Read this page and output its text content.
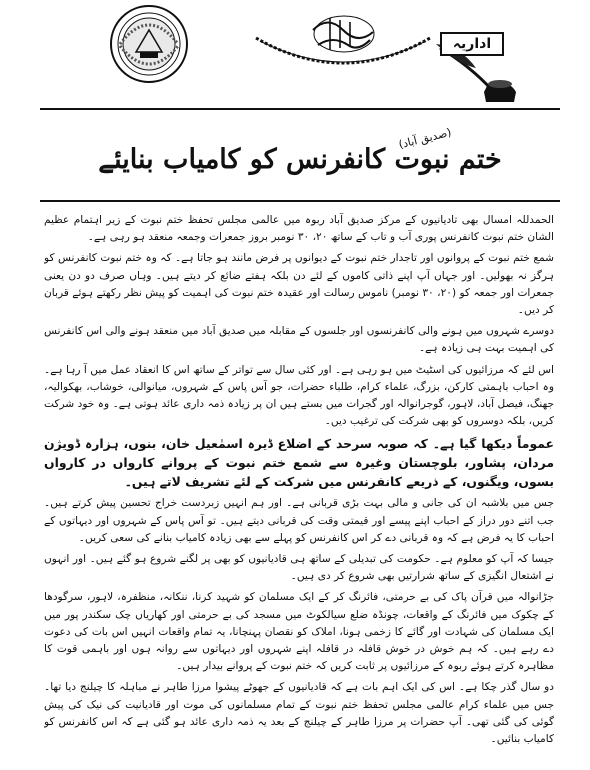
اداریہ
(صدیق آباد)
ختم نبوت کانفرنس کو کامیاب بنایئے

الحمدللہ امسال بھی تادیانیوں کے مرکز صدیق آباد ربوہ میں عالمی مجلس تحفظ ختم نبوت کے زیر اہتمام عظیم الشان ختم نبوت کانفرنس پوری آب و تاب کے ساتھ ۲۰، ۳۰ نومبر بروز جمعرات وجمعہ منعقد ہو رہی ہے۔

شمع ختم نبوت کے پروانوں اور تاجدار ختم نبوت کے دیوانوں پر فرض مانند ہو جاتا ہے۔ کہ وہ ختم نبوت کانفرنس کو ہرگز نہ بھولیں۔ اور جہاں آپ اپنے ذاتی کاموں کے لئے دن بلکہ ہفتے ضائع کر دیتے ہیں۔ وہاں صرف دو دن یعنی جمعرات اور جمعہ کو (۲۰، ۳۰ نومبر) ناموس رسالت اور عقیدہ ختم نبوت کی اہمیت کو پیش نظر رکھتے ہوئے قربان کر دیں۔

دوسرے شہروں میں ہونے والی کانفرنسوں اور جلسوں کے مقابلہ میں صدیق آباد میں منعقد ہونے والی اس کانفرنس کی اہمیت بہت ہی زیادہ ہے۔

اس لئے کہ مرزائیوں کی اسٹیٹ میں ہو رہی ہے۔ اور کئی سال سے تواتر کے ساتھ اس کا انعقاد عمل میں آ رہا ہے۔ وہ احباب باہمتی کارکن، بزرگ، علماء کرام، طلباء حضرات، جو آس پاس کے شہروں، میانوالی، خوشاب، بھکوالیہ، جھنگ، فیصل آباد، لاہور، گوجرانوالہ اور گجرات میں بستے ہیں ان پر زیادہ ذمہ داری عائد ہوتی ہے۔ وہ خود شرکت کریں، بلکہ دوسروں کو بھی شرکت کی ترغیب دیں۔

عموماً دیکھا گیا ہے۔ کہ صوبہ سرحد کے اضلاع ڈیرہ اسمٰعیل خان، بنوں، ہزارہ ڈویژن مردان، پشاور، بلوچستان وغیرہ سے شمع ختم نبوت کے پروانے کارواں در کارواں بسوں، ویگنوں، کے ذریعے کانفرنس میں شرکت کے لئے تشریف لاتے ہیں۔

جس میں بلاشبہ ان کی جانی و مالی بہت بڑی قربانی ہے۔ اور ہم انہیں زبردست خراج تحسین پیش کرتے ہیں۔ جب اتنے دور دراز کے احباب اپنے پیسے اور قیمتی وقت کی قربانی دیتے ہیں۔ تو آس پاس کے شہروں اور دیہاتوں کے احباب کا یہ فرض ہے کہ وہ قربانی دے کر اس کانفرنس کو پہلے سے بھی زیادہ کامیاب بنانے کی سعی کریں۔

جیسا کہ آپ کو معلوم ہے۔ حکومت کی تبدیلی کے ساتھ ہی قادیانیوں کو بھی پر لگنے شروع ہو گئے ہیں۔ اور انہوں نے اشتعال انگیزی کے ساتھ شرارتیں بھی شروع کر دی ہیں۔

جڑانوالہ میں قرآن پاک کی بے حرمتی، فائرنگ کر کے ایک مسلمان کو شہید کرنا، ننکانہ، منظفرہ، لاہور، سرگودھا کے چکوک میں فائرنگ کے واقعات، چونڈہ ضلع سیالکوٹ میں مسجد کی بے حرمتی اور کھاریاں چک سکندر پور میں ایک مسلمان کی شہادت اور گائے کا زخمی ہونا، املاک کو نقصان پہنچانا، یہ تمام واقعات انہیں اس بات کی دعوت دے رہے ہیں۔ کہ ہم خوش در خوش قافلہ در قافلہ اپنے شہروں اور دیہاتوں سے روانہ ہوں اور باہمی قوت کا مظاہرہ کرتے ہوئے ربوہ کے مرزائیوں پر ثابت کریں کہ ختم نبوت کے پروانے بیدار ہیں۔

دو سال گذر چکا ہے۔ اس کی ایک اہم بات ہے کہ قادیانیوں کے جھوٹے پیشوا مرزا طاہر نے مباہلہ کا چیلنج دیا تھا۔ جس میں علماء کرام عالمی مجلس تحفظ ختم نبوت کے تمام مسلمانوں کی موت اور قادیانیت کی نیک کی پیش گوئی کی گئی تھی۔ آپ حضرات پر مرزا طاہر کے چیلنج کے بعد یہ ذمہ داری عائد ہو گئی ہے کہ اس کانفرنس کو کامیاب بنائیں۔
